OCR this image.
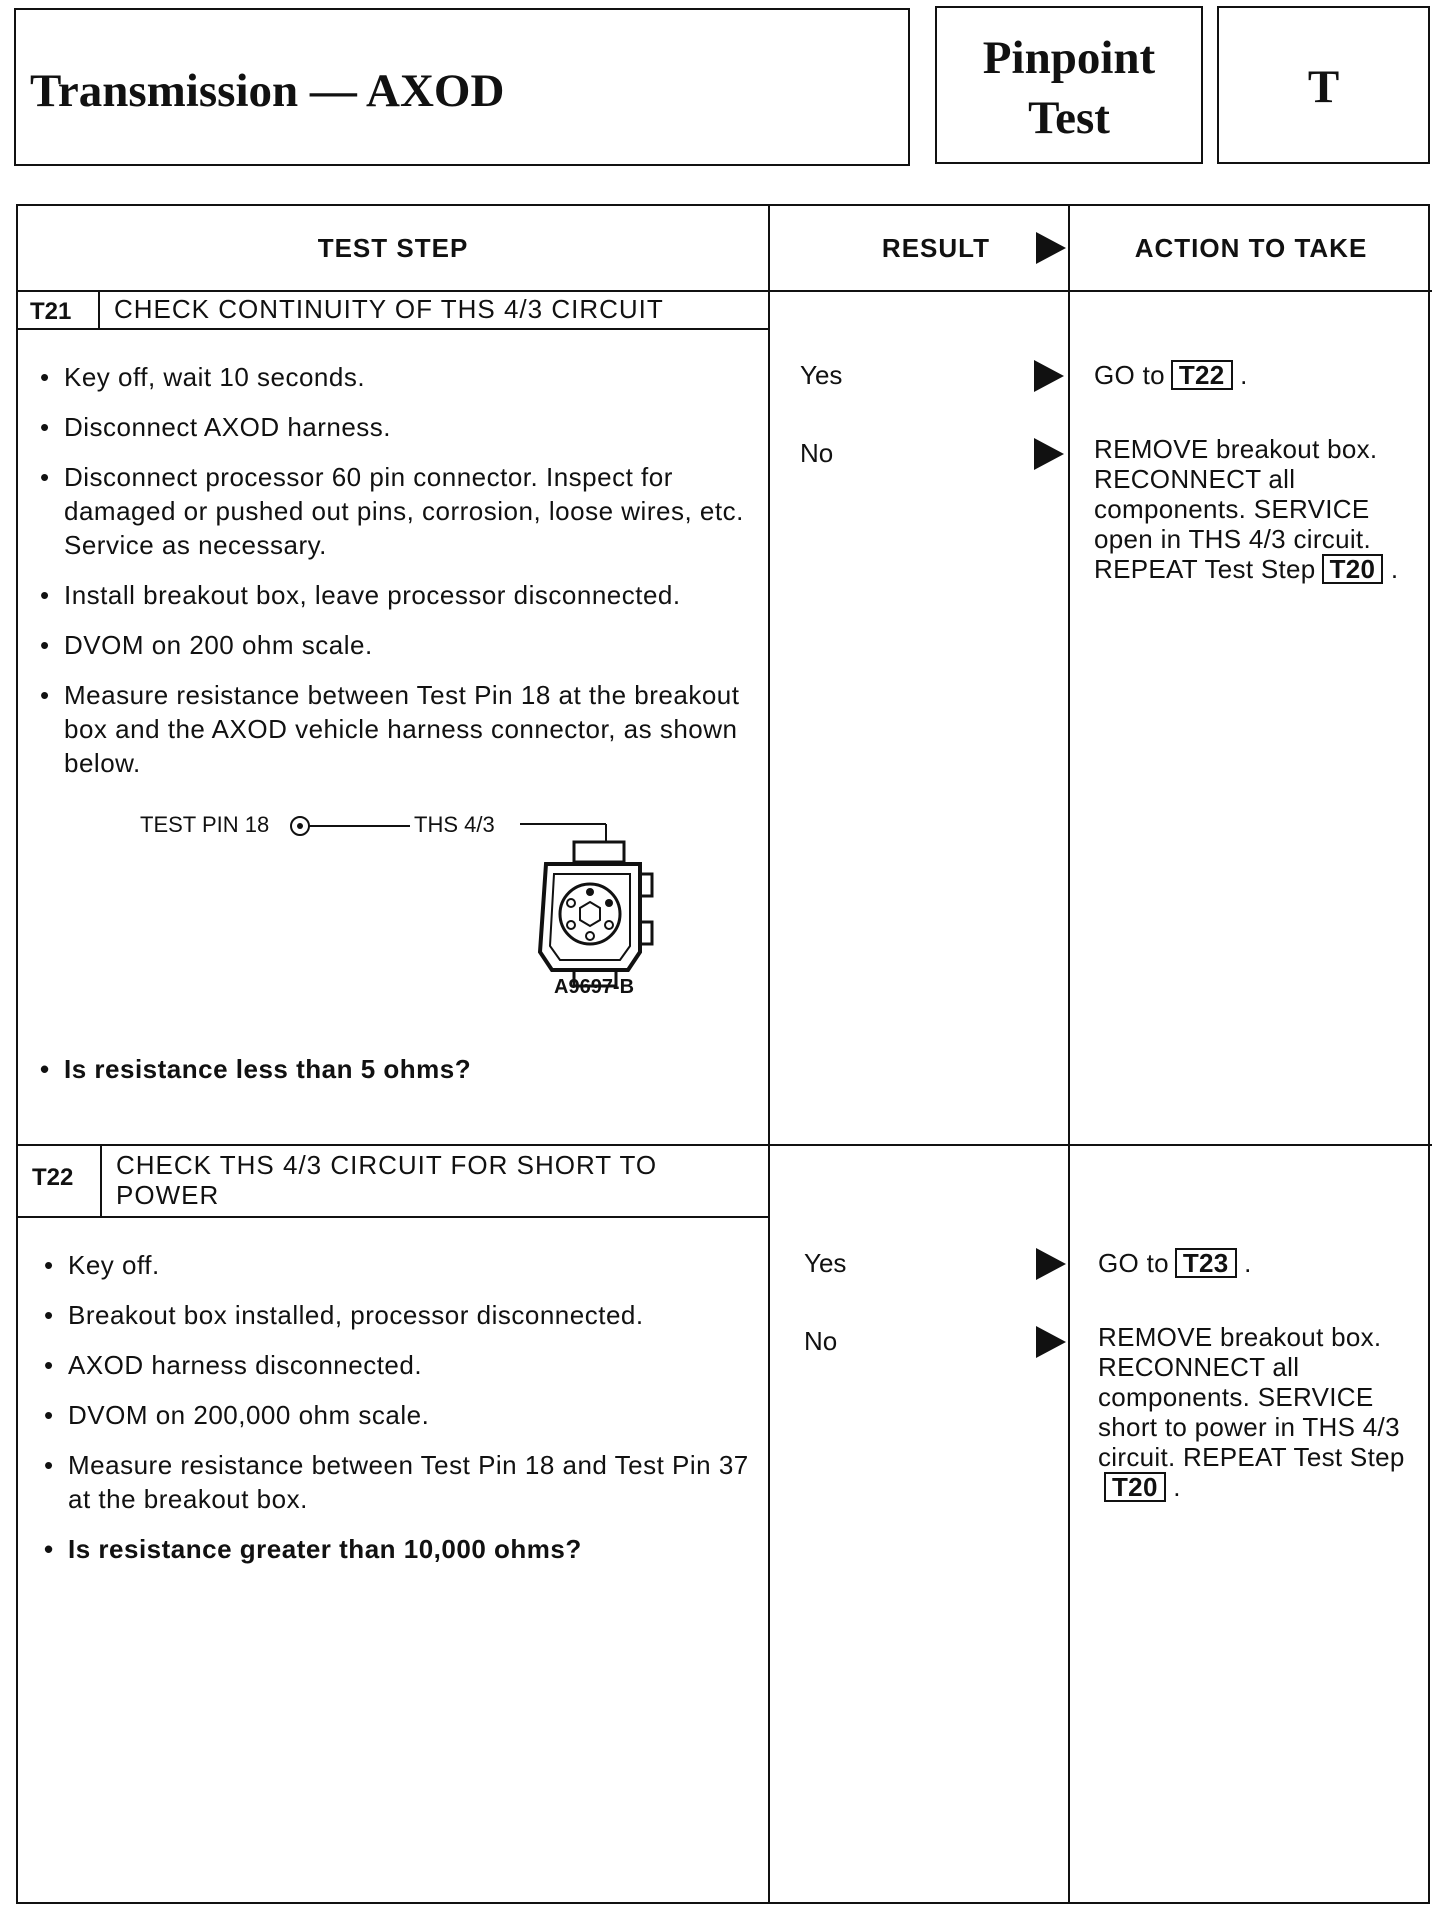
Transmission — AXOD
Pinpoint
Test
T
TEST STEP	RESULT	ACTION TO TAKE
T21 CHECK CONTINUITY OF THS 4/3 CIRCUIT
• Key off, wait 10 seconds.
• Disconnect AXOD harness.
• Disconnect processor 60 pin connector. Inspect for damaged or pushed out pins, corrosion, loose wires, etc. Service as necessary.
• Install breakout box, leave processor disconnected.
• DVOM on 200 ohm scale.
• Measure resistance between Test Pin 18 at the breakout box and the AXOD vehicle harness connector, as shown below.
TEST PIN 18	THS 4/3
A9697-B
• Is resistance less than 5 ohms?
Yes	GO to T22 .
No	REMOVE breakout box. RECONNECT all components. SERVICE open in THS 4/3 circuit. REPEAT Test Step T20 .
T22 CHECK THS 4/3 CIRCUIT FOR SHORT TO POWER
• Key off.
• Breakout box installed, processor disconnected.
• AXOD harness disconnected.
• DVOM on 200,000 ohm scale.
• Measure resistance between Test Pin 18 and Test Pin 37 at the breakout box.
• Is resistance greater than 10,000 ohms?
Yes	GO to T23 .
No	REMOVE breakout box. RECONNECT all components. SERVICE short to power in THS 4/3 circuit. REPEAT Test StepT20 .
